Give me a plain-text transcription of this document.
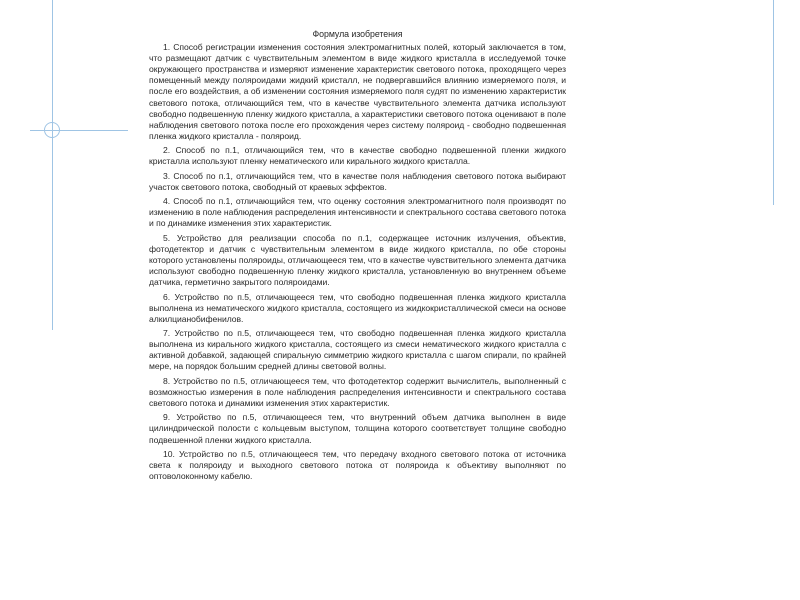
Формула изобретения

1. Способ регистрации изменения состояния электромагнитных полей, который заключается в том, что размещают датчик с чувствительным элементом в виде жидкого кристалла в исследуемой точке окружающего пространства и измеряют изменение характеристик светового потока, проходящего через помещенный между поляроидами жидкий кристалл, не подвергавшийся влиянию измеряемого поля, и после его воздействия, а об изменении состояния измеряемого поля судят по изменению характеристик светового потока, отличающийся тем, что в качестве чувствительного элемента датчика используют свободно подвешенную пленку жидкого кристалла, а характеристики светового потока оценивают в поле наблюдения светового потока после его прохождения через систему поляроид - свободно подвешенная пленка жидкого кристалла - поляроид.

2. Способ по п.1, отличающийся тем, что в качестве свободно подвешенной пленки жидкого кристалла используют пленку нематического или кирального жидкого кристалла.

3. Способ по п.1, отличающийся тем, что в качестве поля наблюдения светового потока выбирают участок светового потока, свободный от краевых эффектов.

4. Способ по п.1, отличающийся тем, что оценку состояния электромагнитного поля производят по изменению в поле наблюдения распределения интенсивности и спектрального состава светового потока и по динамике изменения этих характеристик.

5. Устройство для реализации способа по п.1, содержащее источник излучения, объектив, фотодетектор и датчик с чувствительным элементом в виде жидкого кристалла, по обе стороны которого установлены поляроиды, отличающееся тем, что в качестве чувствительного элемента датчика используют свободно подвешенную пленку жидкого кристалла, установленную во внутреннем объеме датчика, герметично закрытого поляроидами.

6. Устройство по п.5, отличающееся тем, что свободно подвешенная пленка жидкого кристалла выполнена из нематического жидкого кристалла, состоящего из жидкокристаллической смеси на основе алкилцианобифенилов.

7. Устройство по п.5, отличающееся тем, что свободно подвешенная пленка жидкого кристалла выполнена из кирального жидкого кристалла, состоящего из смеси нематического жидкого кристалла с активной добавкой, задающей спиральную симметрию жидкого кристалла с шагом спирали, по крайней мере, на порядок большим средней длины световой волны.

8. Устройство по п.5, отличающееся тем, что фотодетектор содержит вычислитель, выполненный с возможностью измерения в поле наблюдения распределения интенсивности и спектрального состава светового потока и динамики изменения этих характеристик.

9. Устройство по п.5, отличающееся тем, что внутренний объем датчика выполнен в виде цилиндрической полости с кольцевым выступом, толщина которого соответствует толщине свободно подвешенной пленки жидкого кристалла.

10. Устройство по п.5, отличающееся тем, что передачу входного светового потока от источника света к поляроиду и выходного светового потока от поляроида к объективу выполняют по оптоволоконному кабелю.
